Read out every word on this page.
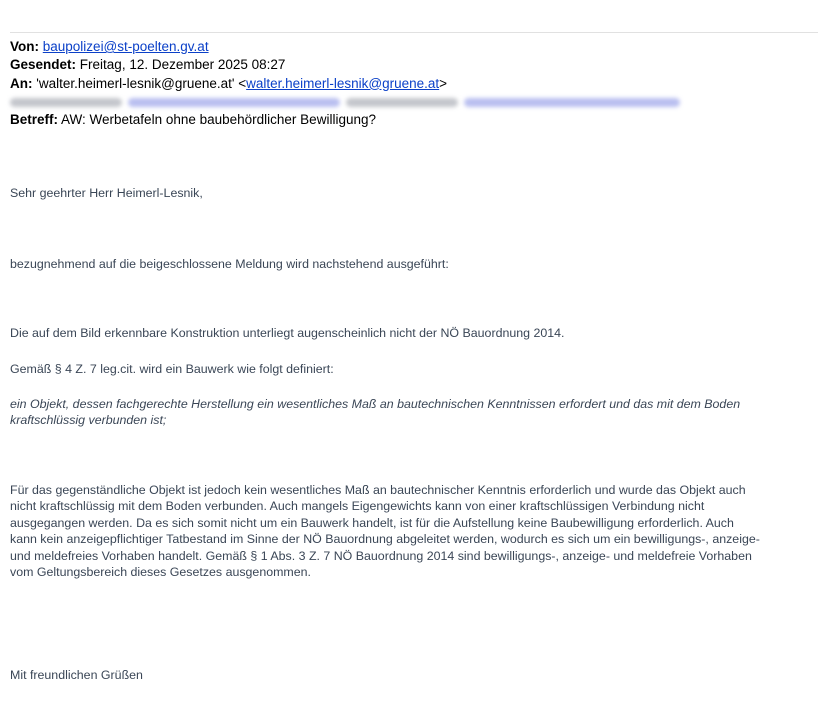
Von: baupolizei@st-poelten.gv.at
Gesendet: Freitag, 12. Dezember 2025 08:27
An: 'walter.heimerl-lesnik@gruene.at' <walter.heimerl-lesnik@gruene.at>
Betreff: AW: Werbetafeln ohne baubehördlicher Bewilligung?
Sehr geehrter Herr Heimerl-Lesnik,
bezugnehmend auf die beigeschlossene Meldung wird nachstehend ausgeführt:
Die auf dem Bild erkennbare Konstruktion unterliegt augenscheinlich nicht der NÖ Bauordnung 2014.
Gemäß § 4 Z. 7 leg.cit. wird ein Bauwerk wie folgt definiert:
ein Objekt, dessen fachgerechte Herstellung ein wesentliches Maß an bautechnischen Kenntnissen erfordert und das mit dem Boden
kraftschlüssig verbunden ist;
Für das gegenständliche Objekt ist jedoch kein wesentliches Maß an bautechnischer Kenntnis erforderlich und wurde das Objekt auch
nicht kraftschlüssig mit dem Boden verbunden. Auch mangels Eigengewichts kann von einer kraftschlüssigen Verbindung nicht
ausgegangen werden. Da es sich somit nicht um ein Bauwerk handelt, ist für die Aufstellung keine Baubewilligung erforderlich. Auch
kann kein anzeigepflichtiger Tatbestand im Sinne der NÖ Bauordnung abgeleitet werden, wodurch es sich um ein bewilligungs-, anzeige-
und meldefreies Vorhaben handelt. Gemäß § 1 Abs. 3 Z. 7 NÖ Bauordnung 2014 sind bewilligungs-, anzeige- und meldefreie Vorhaben
vom Geltungsbereich dieses Gesetzes ausgenommen.
Mit freundlichen Grüßen
